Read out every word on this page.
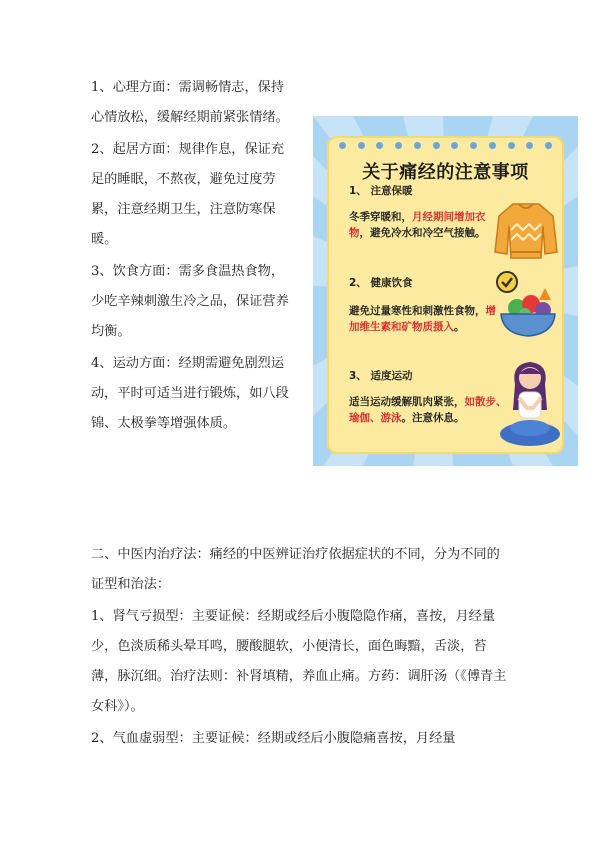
1、心理方面：需调畅情志，保持心情放松，缓解经期前紧张情绪。

2、起居方面：规律作息，保证充足的睡眠，不熬夜，避免过度劳累，注意经期卫生，注意防寒保暖。

3、饮食方面：需多食温热食物，少吃辛辣刺激生冷之品，保证营养均衡。

4、运动方面：经期需避免剧烈运动，平时可适当进行锻炼，如八段锦、太极拳等增强体质。

关于痛经的注意事项
1、 注意保暖
冬季穿暖和，月经期间增加衣物，避免冷水和冷空气接触。
2、 健康饮食
避免过量寒性和刺激性食物，增加维生素和矿物质摄入。
3、 适度运动
适当运动缓解肌肉紧张，如散步、瑜伽、游泳。注意休息。

二、中医内治疗法：痛经的中医辨证治疗依据症状的不同，分为不同的证型和治法：

1、肾气亏损型：主要证候：经期或经后小腹隐隐作痛，喜按，月经量少，色淡质稀头晕耳鸣，腰酸腿软，小便清长，面色晦黯，舌淡，苔薄，脉沉细。治疗法则：补肾填精，养血止痛。方药：调肝汤（《傅青主女科》）。

2、气血虚弱型：主要证候：经期或经后小腹隐痛喜按，月经量
